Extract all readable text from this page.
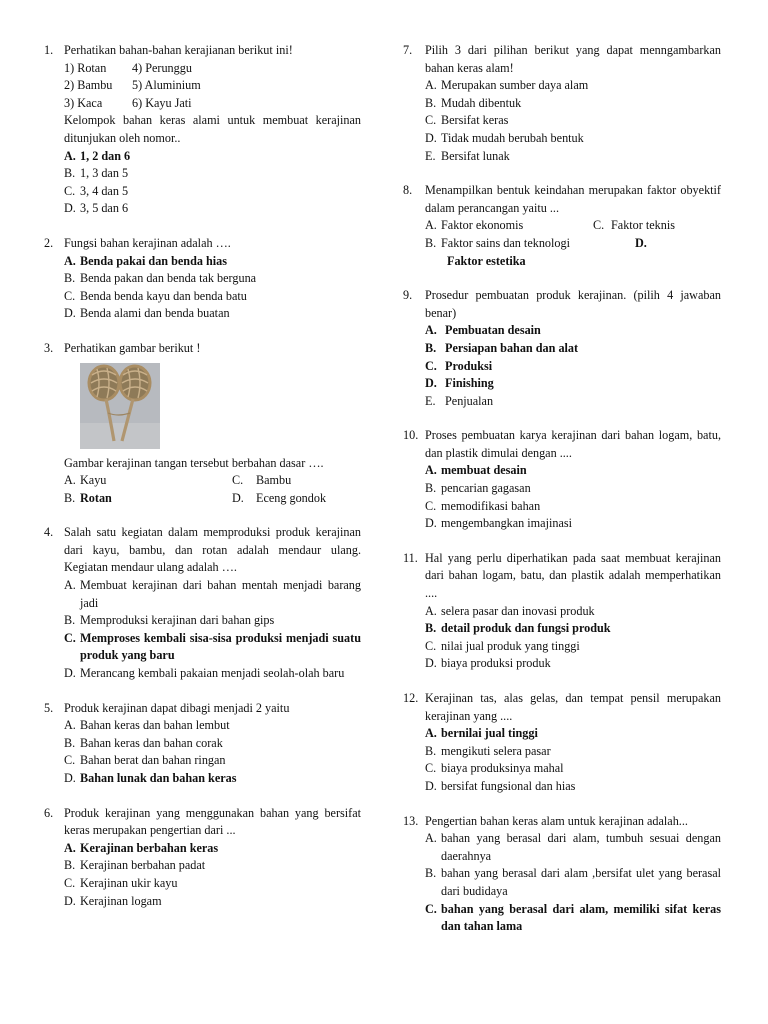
1. Perhatikan bahan-bahan kerajianan berikut ini!
1) Rotan	4) Perunggu
2) Bambu	5) Aluminium
3) Kaca	6) Kayu Jati
Kelompok bahan keras alami untuk membuat kerajinan ditunjukan oleh nomor..
A. 1, 2 dan 6
B. 1, 3 dan 5
C. 3, 4 dan 5
D. 3, 5 dan 6
2. Fungsi bahan kerajinan adalah ….
A. Benda pakai dan benda hias
B. Benda pakan dan benda tak berguna
C. Benda benda kayu dan benda batu
D. Benda alami dan benda buatan
3. Perhatikan gambar berikut !
Gambar kerajinan tangan tersebut berbahan dasar ….
A. Kayu	C.	Bambu
B. Rotan	D. Eceng gondok
4. Salah satu kegiatan dalam memproduksi produk kerajinan dari kayu, bambu, dan rotan adalah mendaur ulang. Kegiatan mendaur ulang adalah ….
A. Membuat kerajinan dari bahan mentah menjadi barang jadi
B. Memproduksi kerajinan dari bahan gips
C. Memproses kembali sisa-sisa produksi menjadi suatu produk yang baru
D. Merancang kembali pakaian menjadi seolah-olah baru
5. Produk kerajinan dapat dibagi menjadi 2 yaitu
A. Bahan keras dan bahan lembut
B. Bahan keras dan bahan corak
C. Bahan berat dan bahan ringan
D. Bahan lunak dan bahan keras
6. Produk kerajinan yang menggunakan bahan yang bersifat keras merupakan pengertian dari ...
A. Kerajinan berbahan keras
B. Kerajinan berbahan padat
C. Kerajinan ukir kayu
D. Kerajinan logam
7.	Pilih 3 dari pilihan berikut yang dapat menngambarkan bahan keras alam!
A. Merupakan sumber daya alam
B. Mudah dibentuk
C. Bersifat keras
D. Tidak mudah berubah bentuk
E. Bersifat lunak
8.	Menampilkan bentuk keindahan merupakan faktor obyektif dalam perancangan yaitu ...
A. Faktor ekonomis	C. Faktor teknis
B. Faktor sains dan teknologi	D.
Faktor estetika
9.	Prosedur pembuatan produk kerajinan. (pilih 4 jawaban benar)
A. Pembuatan desain
B. Persiapan bahan dan alat
C. Produksi
D. Finishing
E. Penjualan
10. Proses pembuatan karya kerajinan dari bahan logam, batu, dan plastik dimulai dengan ....
A. membuat desain
B. pencarian gagasan
C. memodifikasi bahan
D. mengembangkan imajinasi
11. Hal yang perlu diperhatikan pada saat membuat kerajinan dari bahan logam, batu, dan plastik adalah memperhatikan ....
A. selera pasar dan inovasi produk
B. detail produk dan fungsi produk
C. nilai jual produk yang tinggi
D. biaya produksi produk
12. Kerajinan tas, alas gelas, dan tempat pensil merupakan kerajinan yang ....
A. bernilai jual tinggi
B. mengikuti selera pasar
C. biaya produksinya mahal
D. bersifat fungsional dan hias
13. Pengertian bahan keras alam untuk kerajinan adalah...
A. bahan yang berasal dari alam, tumbuh sesuai dengan daerahnya
B. bahan yang berasal dari alam ,bersifat ulet yang berasal dari budidaya
C. bahan yang berasal dari alam, memiliki sifat keras dan tahan lama
